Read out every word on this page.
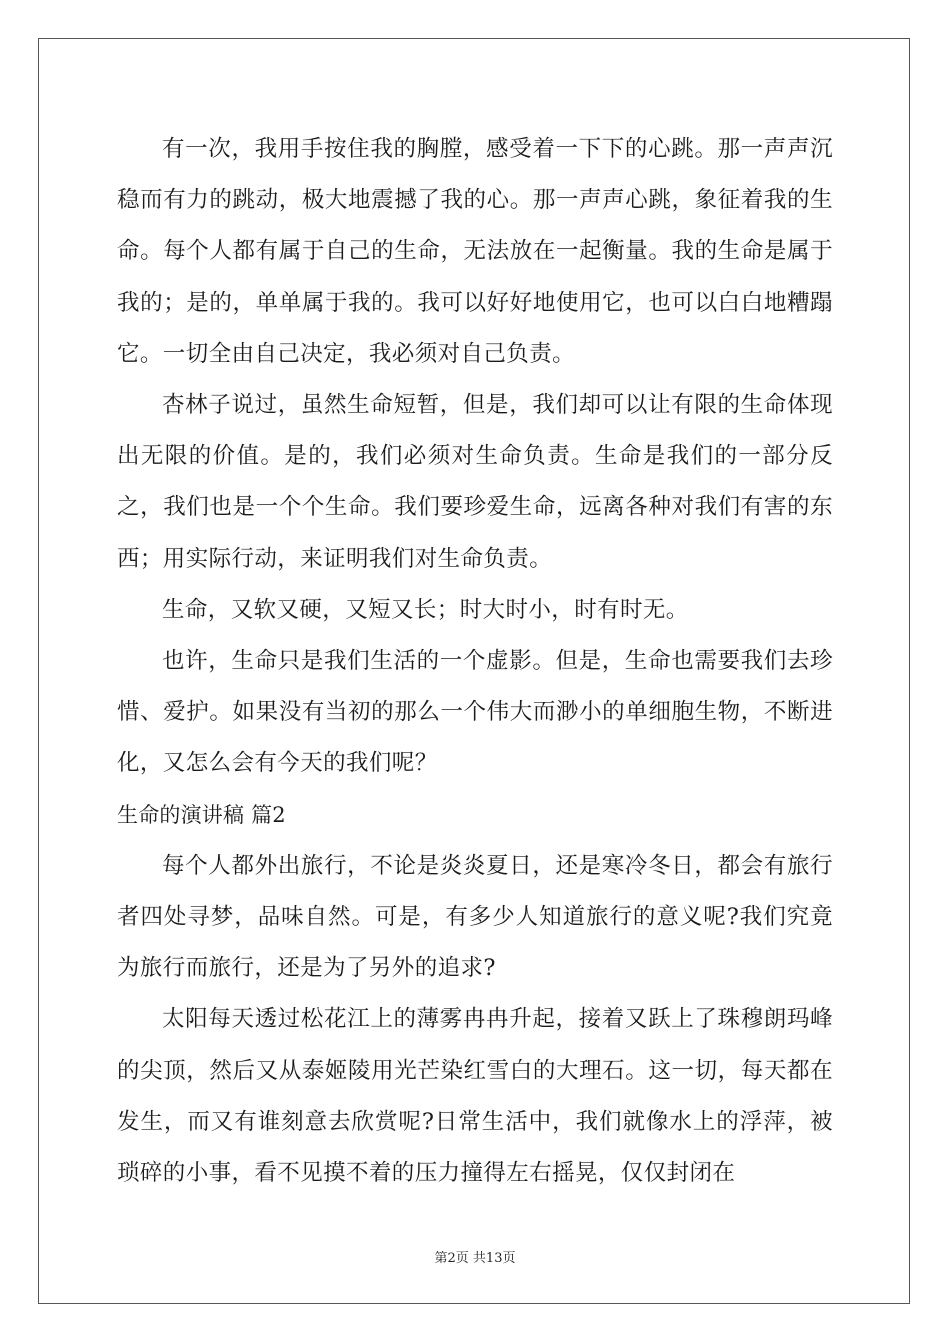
有一次，我用手按住我的胸膛，感受着一下下的心跳。那一声声沉稳而有力的跳动，极大地震撼了我的心。那一声声心跳，象征着我的生命。每个人都有属于自己的生命，无法放在一起衡量。我的生命是属于我的；是的，单单属于我的。我可以好好地使用它，也可以白白地糟蹋它。一切全由自己决定，我必须对自己负责。

杏林子说过，虽然生命短暂，但是，我们却可以让有限的生命体现出无限的价值。是的，我们必须对生命负责。生命是我们的一部分反之，我们也是一个个生命。我们要珍爱生命，远离各种对我们有害的东西；用实际行动，来证明我们对生命负责。

生命，又软又硬，又短又长；时大时小，时有时无。

也许，生命只是我们生活的一个虚影。但是，生命也需要我们去珍惜、爱护。如果没有当初的那么一个伟大而渺小的单细胞生物，不断进化，又怎么会有今天的我们呢？

生命的演讲稿 篇2

每个人都外出旅行，不论是炎炎夏日，还是寒冷冬日，都会有旅行者四处寻梦，品味自然。可是，有多少人知道旅行的意义呢?我们究竟为旅行而旅行，还是为了另外的追求?

太阳每天透过松花江上的薄雾冉冉升起，接着又跃上了珠穆朗玛峰的尖顶，然后又从泰姬陵用光芒染红雪白的大理石。这一切，每天都在发生，而又有谁刻意去欣赏呢?日常生活中，我们就像水上的浮萍，被琐碎的小事，看不见摸不着的压力撞得左右摇晃，仅仅封闭在

第2页 共13页
